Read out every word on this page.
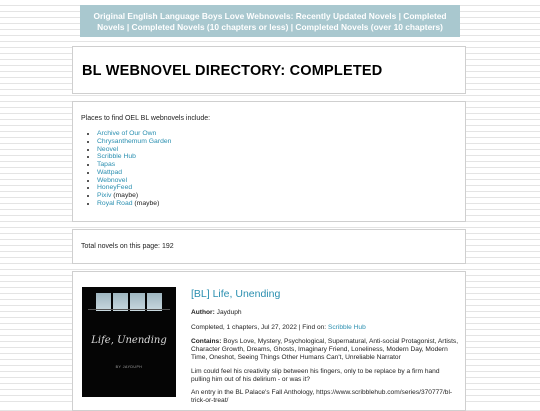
Original English Language Boys Love Webnovels: Recently Updated Novels | Completed Novels | Completed Novels (10 chapters or less) | Completed Novels (over 10 chapters)
BL WEBNOVEL DIRECTORY: COMPLETED
Places to find OEL BL webnovels include:
• Archive of Our Own
• Chrysanthemum Garden
• Neovel
• Scribble Hub
• Tapas
• Wattpad
• Webnovel
• HoneyFeed
• Pixiv (maybe)
• Royal Road (maybe)
Total novels on this page: 192
Life, Unending
BY JAYDUPH
[BL] Life, Unending
Author: Jayduph
Completed, 1 chapters, Jul 27, 2022 | Find on: Scribble Hub
Contains: Boys Love, Mystery, Psychological, Supernatural, Anti-social Protagonist, Artists, Character Growth, Dreams, Ghosts, Imaginary Friend, Loneliness, Modern Day, Modern Time, Oneshot, Seeing Things Other Humans Can't, Unreliable Narrator
Lim could feel his creativity slip between his fingers, only to be replace by a firm hand pulling him out of his delirium - or was it?
An entry in the BL Palace's Fall Anthology, https://www.scribblehub.com/series/370777/bl-trick-or-treat/
